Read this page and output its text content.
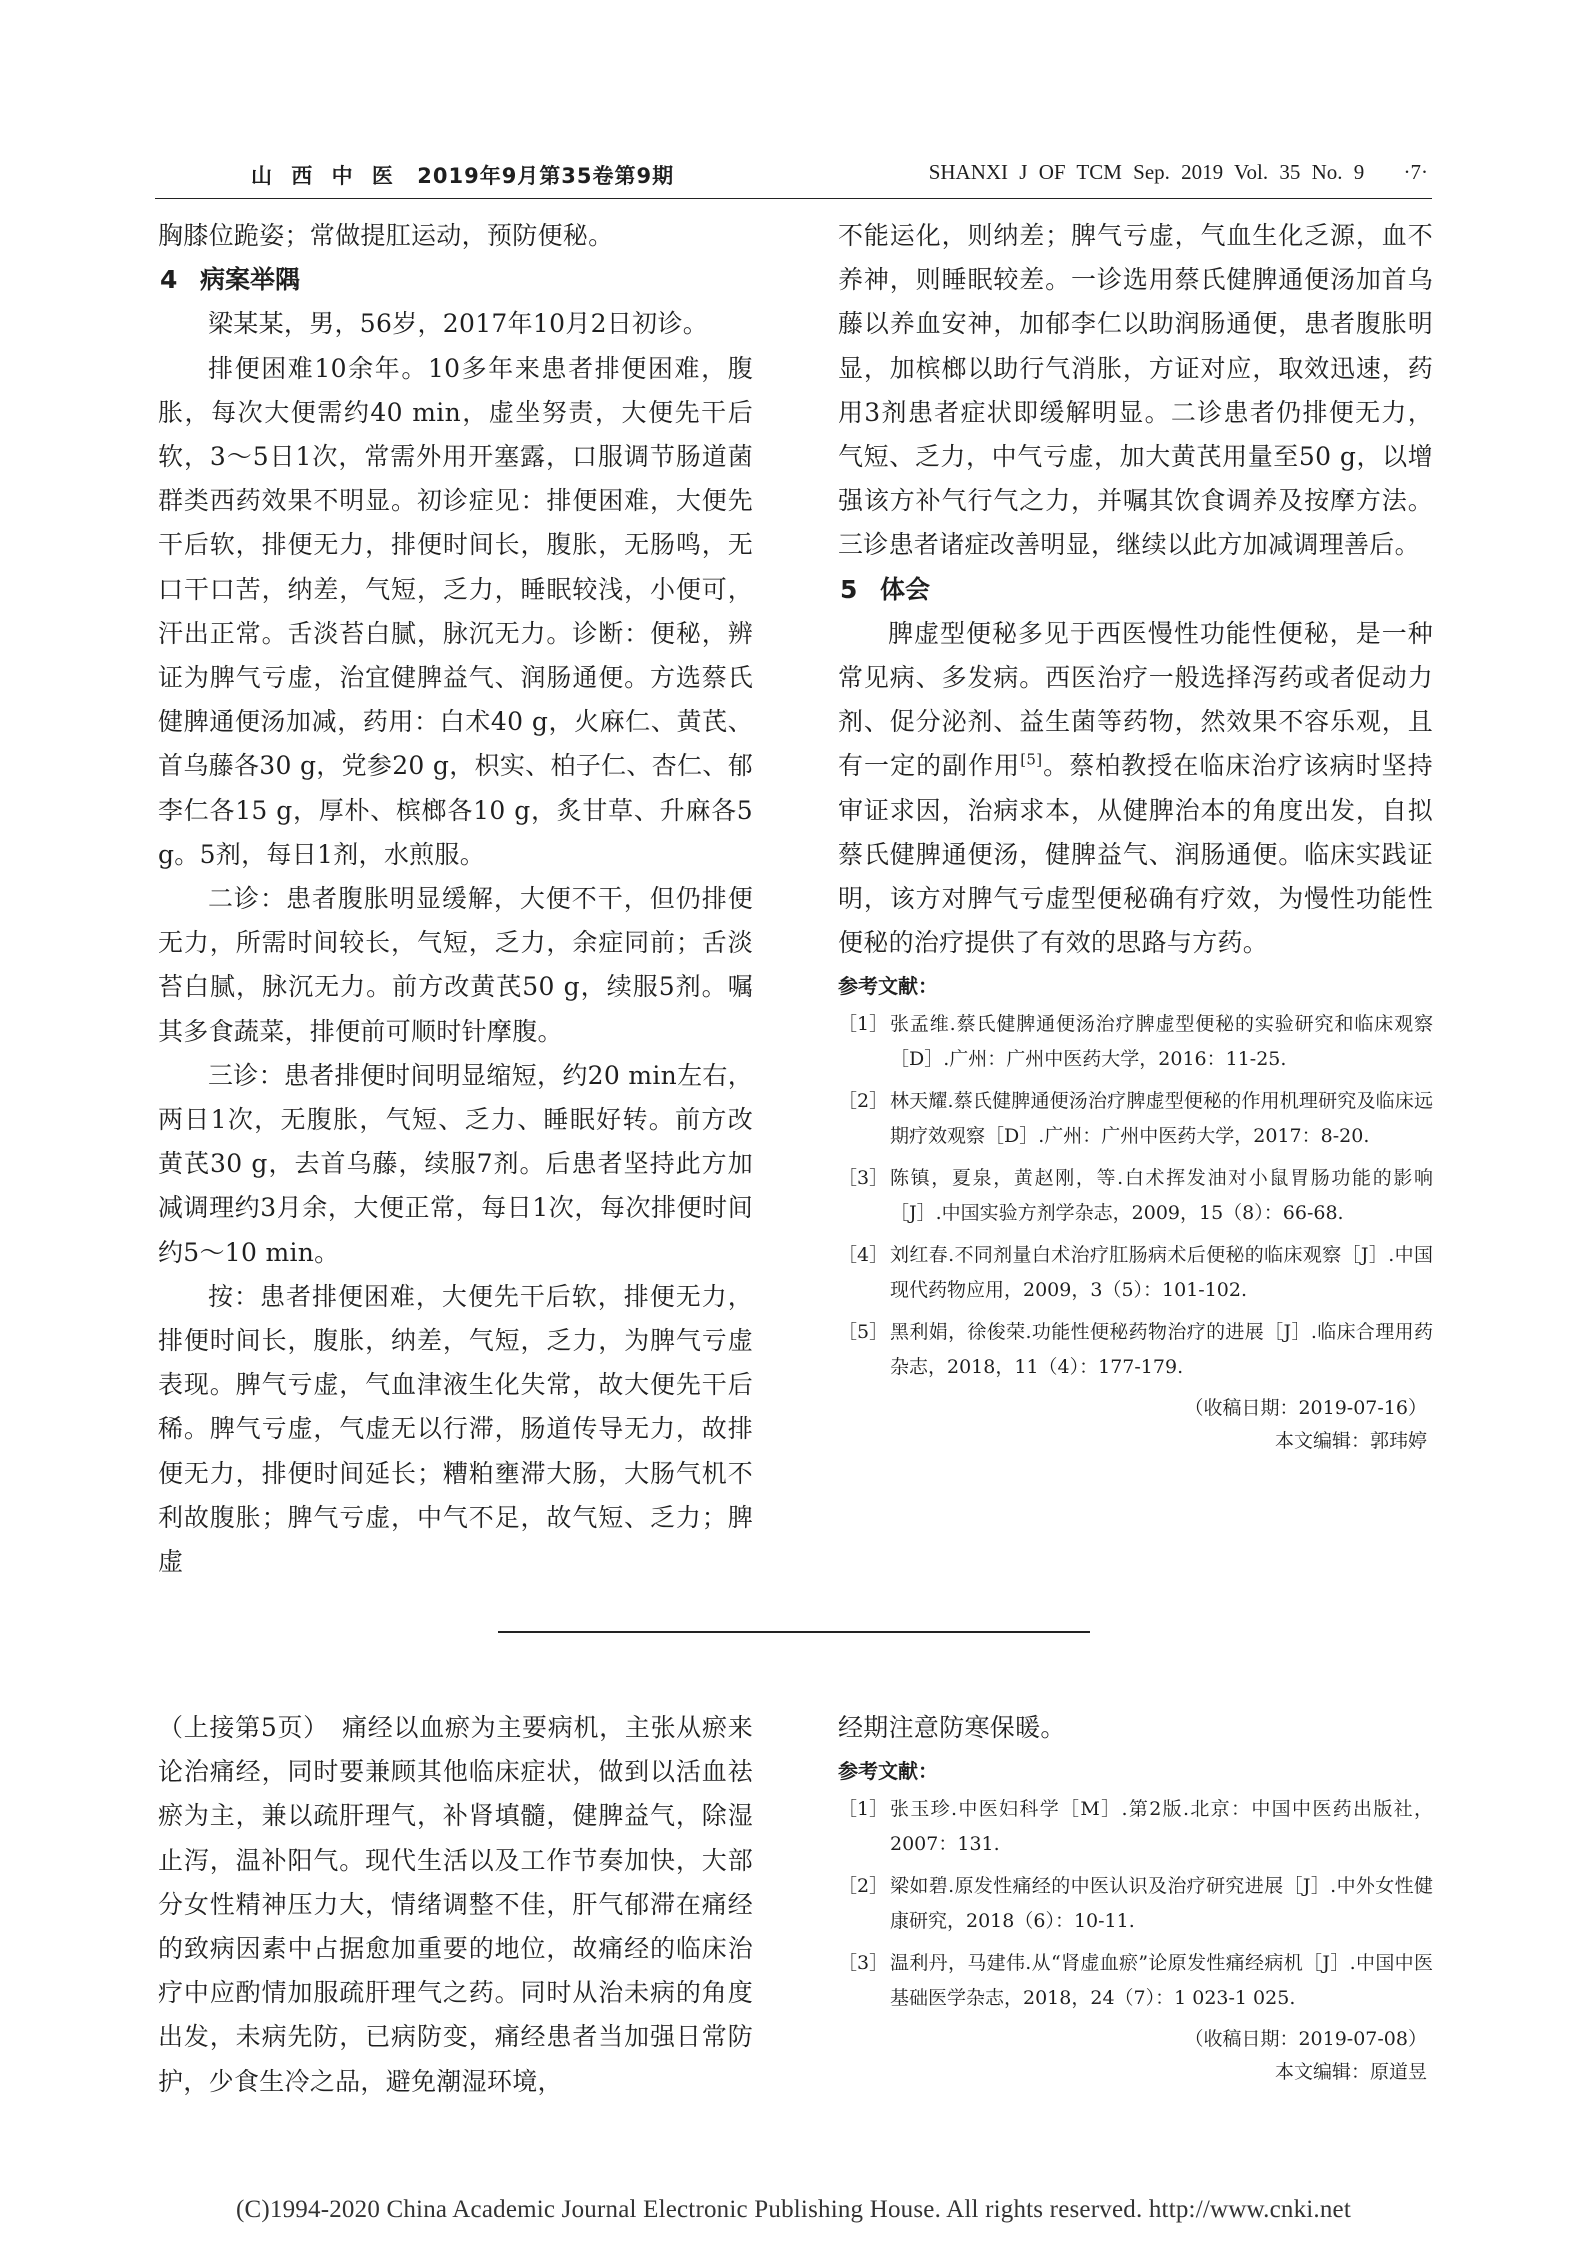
山 西 中 医 2019年9月第35卷第9期	SHANXI J OF TCM Sep. 2019 Vol. 35 No. 9 ·7·

胸膝位跪姿；常做提肛运动，预防便秘。

4 病案举隅

梁某某，男，56岁，2017年10月2日初诊。

排便困难10余年。10多年来患者排便困难，腹胀，每次大便需约40 min，虚坐努责，大便先干后软，3～5日1次，常需外用开塞露，口服调节肠道菌群类西药效果不明显。初诊症见：排便困难，大便先干后软，排便无力，排便时间长，腹胀，无肠鸣，无口干口苦，纳差，气短，乏力，睡眠较浅，小便可，汗出正常。舌淡苔白腻，脉沉无力。诊断：便秘，辨证为脾气亏虚，治宜健脾益气、润肠通便。方选蔡氏健脾通便汤加减，药用：白术40 g，火麻仁、黄芪、首乌藤各30 g，党参20 g，枳实、柏子仁、杏仁、郁李仁各15 g，厚朴、槟榔各10 g，炙甘草、升麻各5 g。5剂，每日1剂，水煎服。

二诊：患者腹胀明显缓解，大便不干，但仍排便无力，所需时间较长，气短，乏力，余症同前；舌淡苔白腻，脉沉无力。前方改黄芪50 g，续服5剂。嘱其多食蔬菜，排便前可顺时针摩腹。

三诊：患者排便时间明显缩短，约20 min左右，两日1次，无腹胀，气短、乏力、睡眠好转。前方改黄芪30 g，去首乌藤，续服7剂。后患者坚持此方加减调理约3月余，大便正常，每日1次，每次排便时间约5～10 min。

按：患者排便困难，大便先干后软，排便无力，排便时间长，腹胀，纳差，气短，乏力，为脾气亏虚表现。脾气亏虚，气血津液生化失常，故大便先干后稀。脾气亏虚，气虚无以行滞，肠道传导无力，故排便无力，排便时间延长；糟粕壅滞大肠，大肠气机不利故腹胀；脾气亏虚，中气不足，故气短、乏力；脾虚

不能运化，则纳差；脾气亏虚，气血生化乏源，血不养神，则睡眠较差。一诊选用蔡氏健脾通便汤加首乌藤以养血安神，加郁李仁以助润肠通便，患者腹胀明显，加槟榔以助行气消胀，方证对应，取效迅速，药用3剂患者症状即缓解明显。二诊患者仍排便无力，气短、乏力，中气亏虚，加大黄芪用量至50 g，以增强该方补气行气之力，并嘱其饮食调养及按摩方法。三诊患者诸症改善明显，继续以此方加减调理善后。

5 体会

脾虚型便秘多见于西医慢性功能性便秘，是一种常见病、多发病。西医治疗一般选择泻药或者促动力剂、促分泌剂、益生菌等药物，然效果不容乐观，且有一定的副作用[5]。蔡柏教授在临床治疗该病时坚持审证求因，治病求本，从健脾治本的角度出发，自拟蔡氏健脾通便汤，健脾益气、润肠通便。临床实践证明，该方对脾气亏虚型便秘确有疗效，为慢性功能性便秘的治疗提供了有效的思路与方药。

参考文献：

［1］ 张孟维.蔡氏健脾通便汤治疗脾虚型便秘的实验研究和临床观察［D］.广州：广州中医药大学，2016：11-25.
［2］ 林天耀.蔡氏健脾通便汤治疗脾虚型便秘的作用机理研究及临床远期疗效观察［D］.广州：广州中医药大学，2017：8-20.
［3］ 陈镇，夏泉，黄赵刚，等.白术挥发油对小鼠胃肠功能的影响［J］.中国实验方剂学杂志，2009，15（8）：66-68.
［4］ 刘红春.不同剂量白术治疗肛肠病术后便秘的临床观察［J］.中国现代药物应用，2009，3（5）：101-102.
［5］ 黑利娟，徐俊荣.功能性便秘药物治疗的进展［J］.临床合理用药杂志，2018，11（4）：177-179.

（收稿日期：2019-07-16）

本文编辑：郭玮婷

（上接第5页）　痛经以血瘀为主要病机，主张从瘀来论治痛经，同时要兼顾其他临床症状，做到以活血祛瘀为主，兼以疏肝理气，补肾填髓，健脾益气，除湿止泻，温补阳气。现代生活以及工作节奏加快，大部分女性精神压力大，情绪调整不佳，肝气郁滞在痛经的致病因素中占据愈加重要的地位，故痛经的临床治疗中应酌情加服疏肝理气之药。同时从治未病的角度出发，未病先防，已病防变，痛经患者当加强日常防护，少食生冷之品，避免潮湿环境，

经期注意防寒保暖。

参考文献：

［1］ 张玉珍.中医妇科学［M］.第2版.北京：中国中医药出版社，2007：131.
［2］ 梁如碧.原发性痛经的中医认识及治疗研究进展［J］.中外女性健康研究，2018（6）：10-11.
［3］ 温利丹，马建伟.从“肾虚血瘀”论原发性痛经病机［J］.中国中医基础医学杂志，2018，24（7）：1 023-1 025.

（收稿日期：2019-07-08）

本文编辑：原道昱

(C)1994-2020 China Academic Journal Electronic Publishing House. All rights reserved. http://www.cnki.net
